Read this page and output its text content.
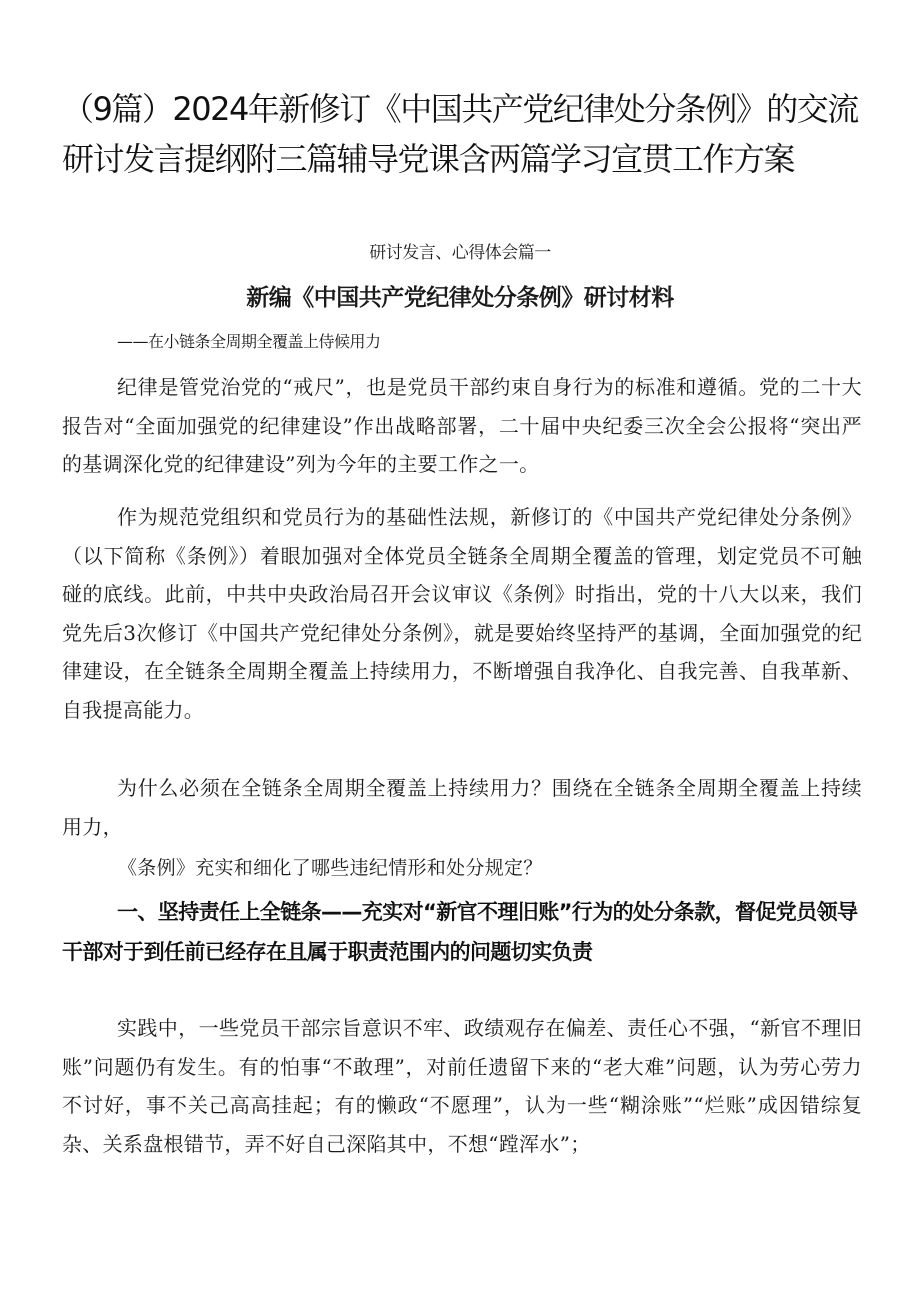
（9篇）2024年新修订《中国共产党纪律处分条例》的交流研讨发言提纲附三篇辅导党课含两篇学习宣贯工作方案
研讨发言、心得体会篇一
新编《中国共产党纪律处分条例》研讨材料
——在小链条全周期全覆盖上侍候用力

纪律是管党治党的“戒尺”，也是党员干部约束自身行为的标准和遵循。党的二十大报告对“全面加强党的纪律建设”作出战略部署，二十届中央纪委三次全会公报将“突出严的基调深化党的纪律建设”列为今年的主要工作之一。

作为规范党组织和党员行为的基础性法规，新修订的《中国共产党纪律处分条例》（以下简称《条例》）着眼加强对全体党员全链条全周期全覆盖的管理，划定党员不可触碰的底线。此前，中共中央政治局召开会议审议《条例》时指出，党的十八大以来，我们党先后3次修订《中国共产党纪律处分条例》，就是要始终坚持严的基调，全面加强党的纪律建设，在全链条全周期全覆盖上持续用力，不断增强自我净化、自我完善、自我革新、自我提高能力。

为什么必须在全链条全周期全覆盖上持续用力？围绕在全链条全周期全覆盖上持续用力，

《条例》充实和细化了哪些违纪情形和处分规定？

一、坚持责任上全链条——充实对“新官不理旧账”行为的处分条款，督促党员领导干部对于到任前已经存在且属于职责范围内的问题切实负责

实践中，一些党员干部宗旨意识不牢、政绩观存在偏差、责任心不强，“新官不理旧账”问题仍有发生。有的怕事“不敢理”，对前任遗留下来的“老大难”问题，认为劳心劳力不讨好，事不关己高高挂起；有的懒政“不愿理”，认为一些“糊涂账”“烂账”成因错综复杂、关系盘根错节，弄不好自己深陷其中，不想“蹚浑水”；
